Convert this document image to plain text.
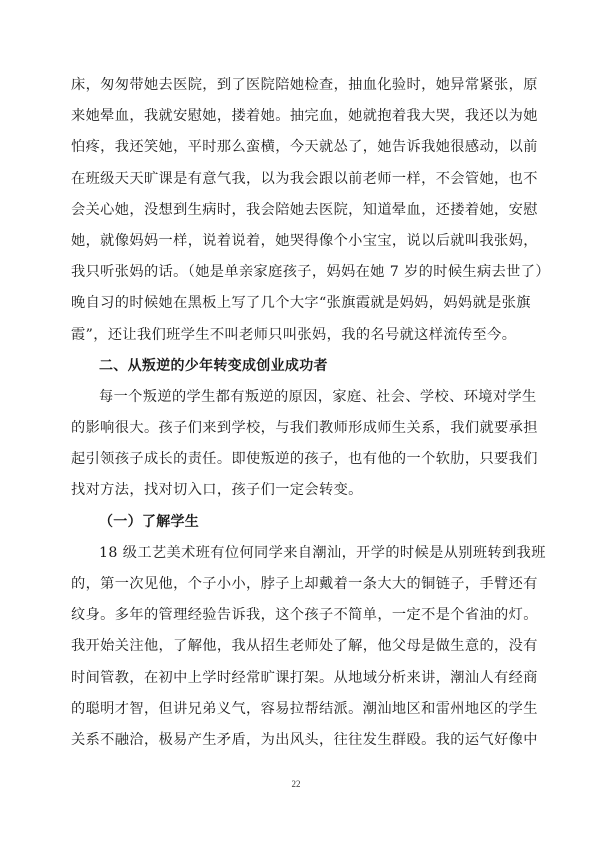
床，匆匆带她去医院，到了医院陪她检查，抽血化验时，她异常紧张，原
来她晕血，我就安慰她，搂着她。抽完血，她就抱着我大哭，我还以为她
怕疼，我还笑她，平时那么蛮横，今天就怂了，她告诉我她很感动，以前
在班级天天旷课是有意气我，以为我会跟以前老师一样，不会管她，也不
会关心她，没想到生病时，我会陪她去医院，知道晕血，还搂着她，安慰
她，就像妈妈一样，说着说着，她哭得像个小宝宝，说以后就叫我张妈，
我只听张妈的话。（她是单亲家庭孩子，妈妈在她 7 岁的时候生病去世了）
晚自习的时候她在黑板上写了几个大字“张旗霞就是妈妈，妈妈就是张旗
霞”，还让我们班学生不叫老师只叫张妈，我的名号就这样流传至今。
二、从叛逆的少年转变成创业成功者
每一个叛逆的学生都有叛逆的原因，家庭、社会、学校、环境对学生
的影响很大。孩子们来到学校，与我们教师形成师生关系，我们就要承担
起引领孩子成长的责任。即使叛逆的孩子，也有他的一个软肋，只要我们
找对方法，找对切入口，孩子们一定会转变。
（一）了解学生
18 级工艺美术班有位何同学来自潮汕，开学的时候是从别班转到我班
的，第一次见他，个子小小，脖子上却戴着一条大大的铜链子，手臂还有
纹身。多年的管理经验告诉我，这个孩子不简单，一定不是个省油的灯。
我开始关注他，了解他，我从招生老师处了解，他父母是做生意的，没有
时间管教，在初中上学时经常旷课打架。从地域分析来讲，潮汕人有经商
的聪明才智，但讲兄弟义气，容易拉帮结派。潮汕地区和雷州地区的学生
关系不融洽，极易产生矛盾，为出风头，往往发生群殴。我的运气好像中
22
